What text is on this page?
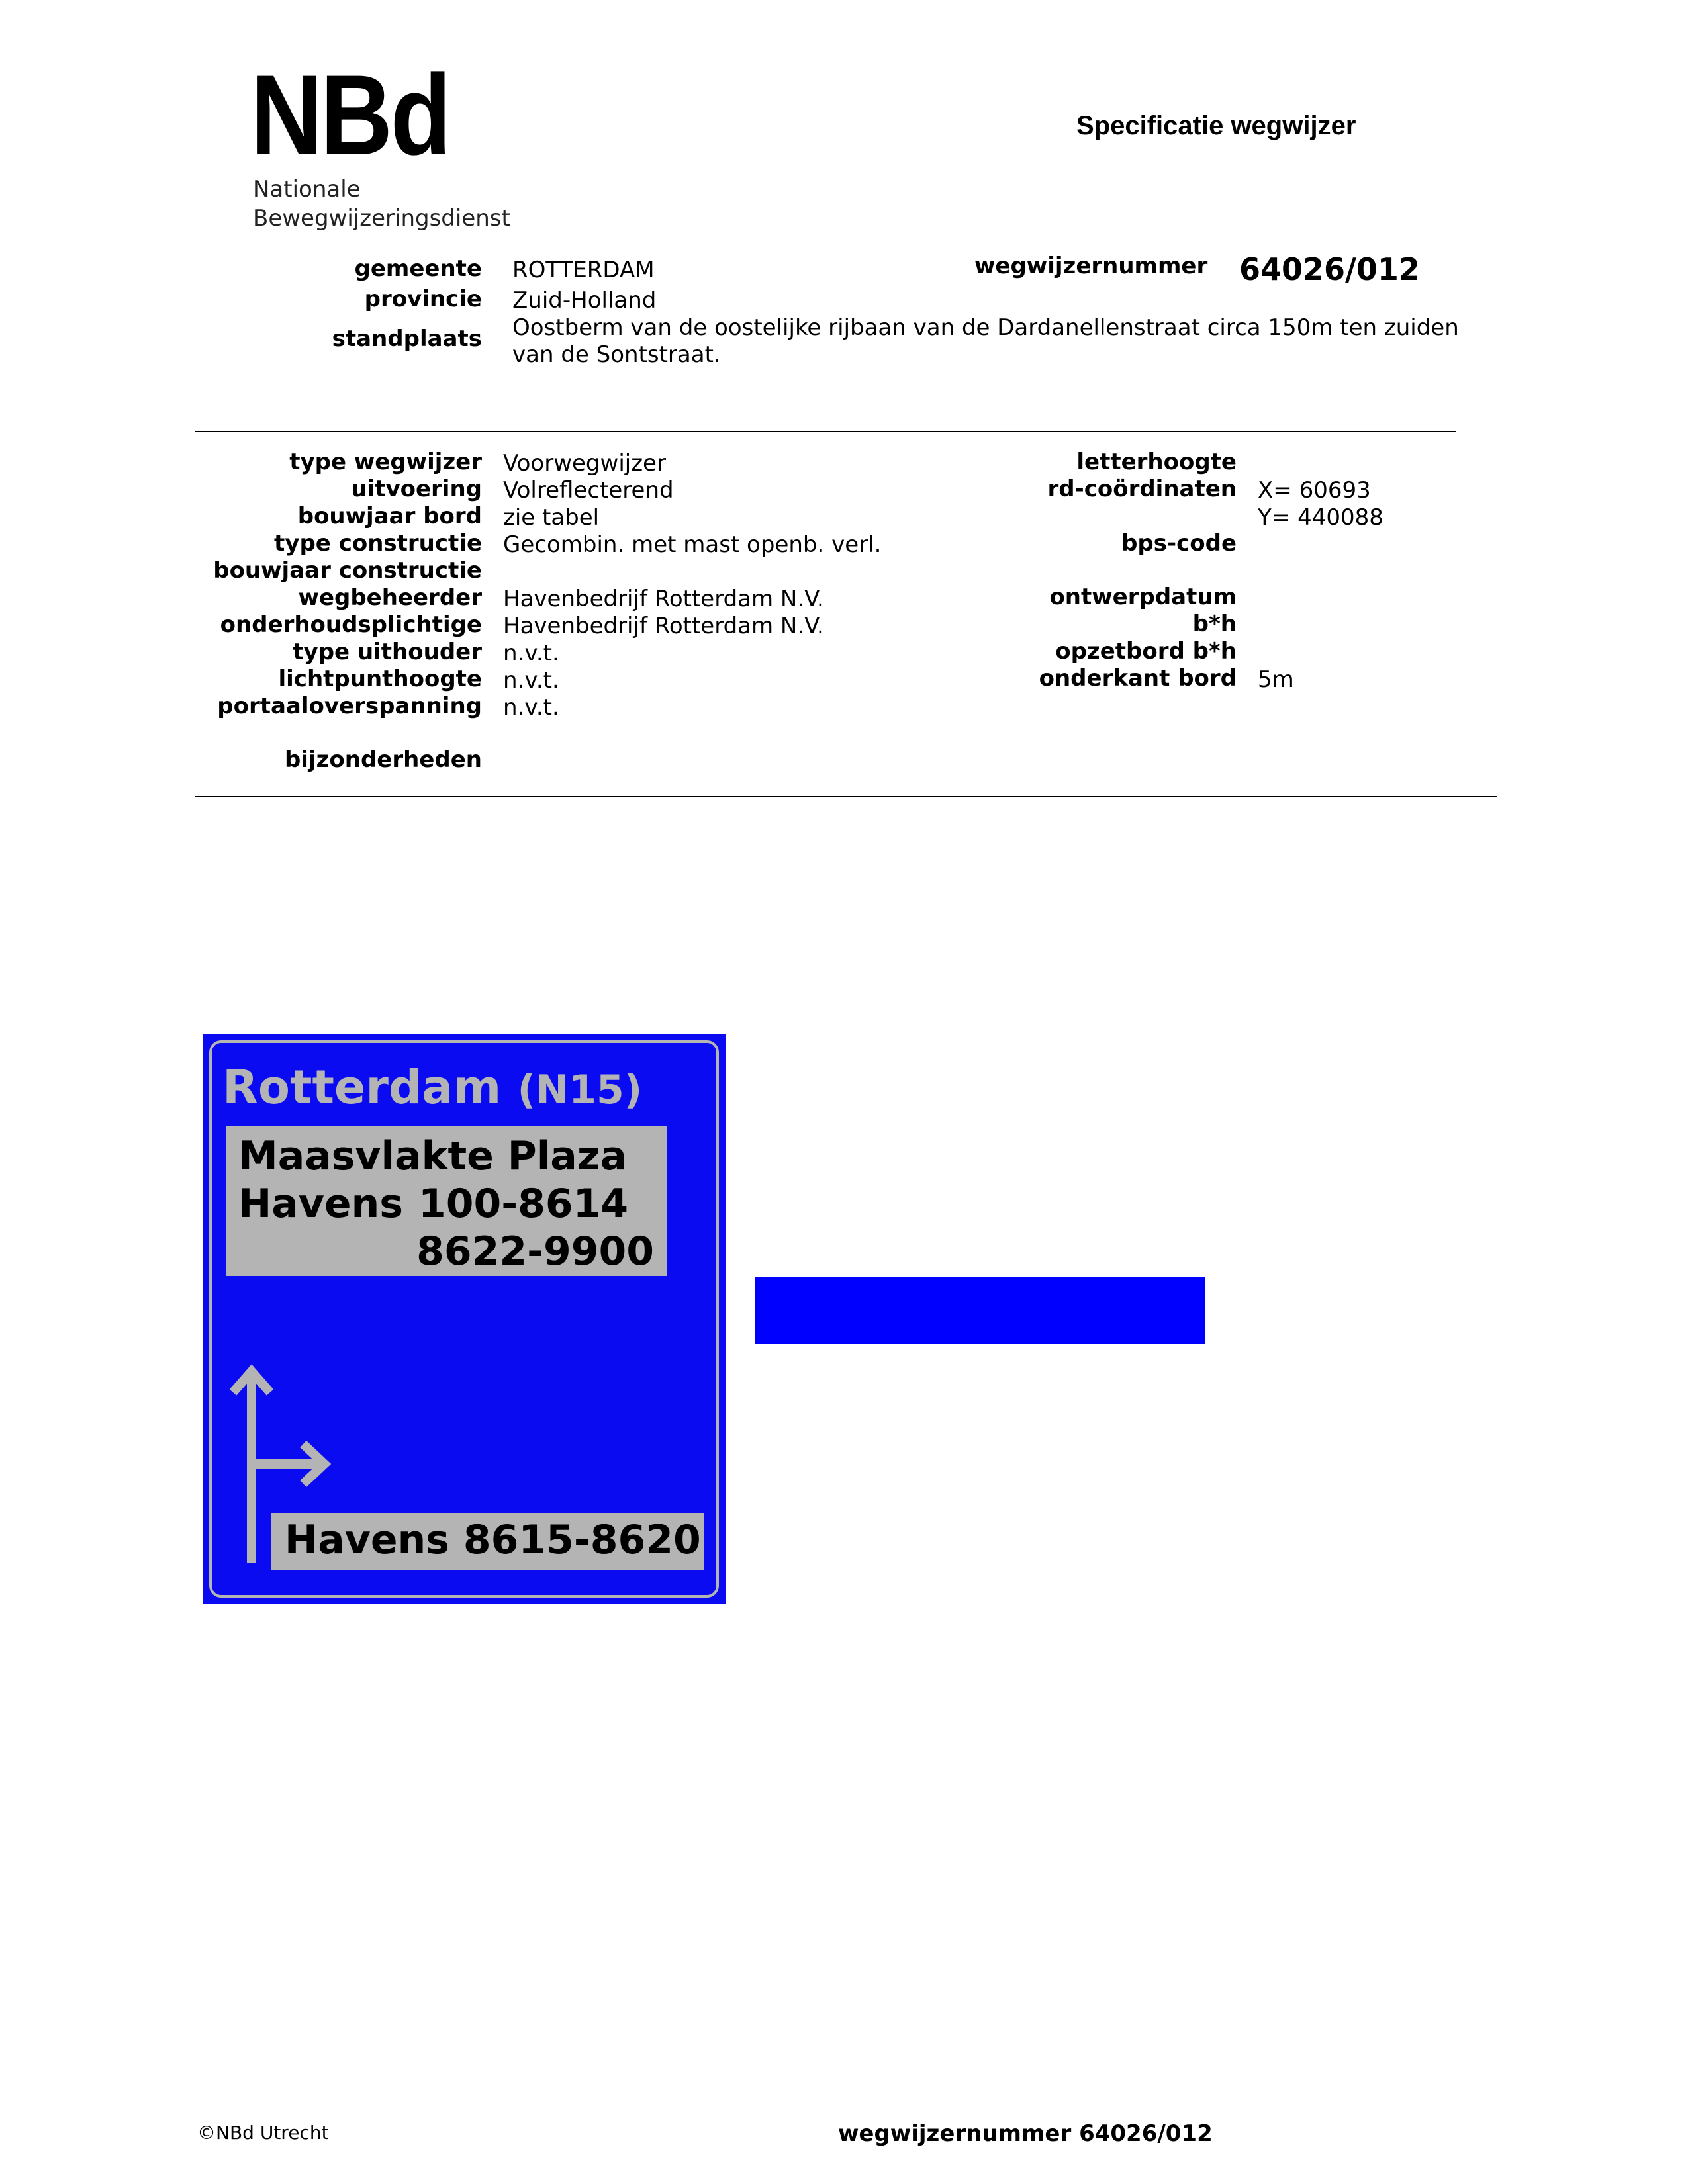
NBd
Nationale
Bewegwijzeringsdienst
Specificatie wegwijzer
gemeente ROTTERDAM
provincie Zuid-Holland
standplaats Oostberm van de oostelijke rijbaan van de Dardanellenstraat circa 150m ten zuiden
van de Sontstraat.
wegwijzernummer 64026/012
type wegwijzer Voorwegwijzer
uitvoering Volreflecterend
bouwjaar bord zie tabel
type constructie Gecombin. met mast openb. verl.
bouwjaar constructie
wegbeheerder Havenbedrijf Rotterdam N.V.
onderhoudsplichtige Havenbedrijf Rotterdam N.V.
type uithouder n.v.t.
lichtpunthoogte n.v.t.
portaaloverspanning n.v.t.
letterhoogte
rd-coördinaten X= 60693
Y= 440088
bps-code
ontwerpdatum
b*h
opzetbord b*h
onderkant bord 5m
bijzonderheden
Rotterdam (N15)
Maasvlakte Plaza
Havens 100-8614
8622-9900
Havens 8615-8620
©NBd Utrecht	wegwijzernummer 64026/012
